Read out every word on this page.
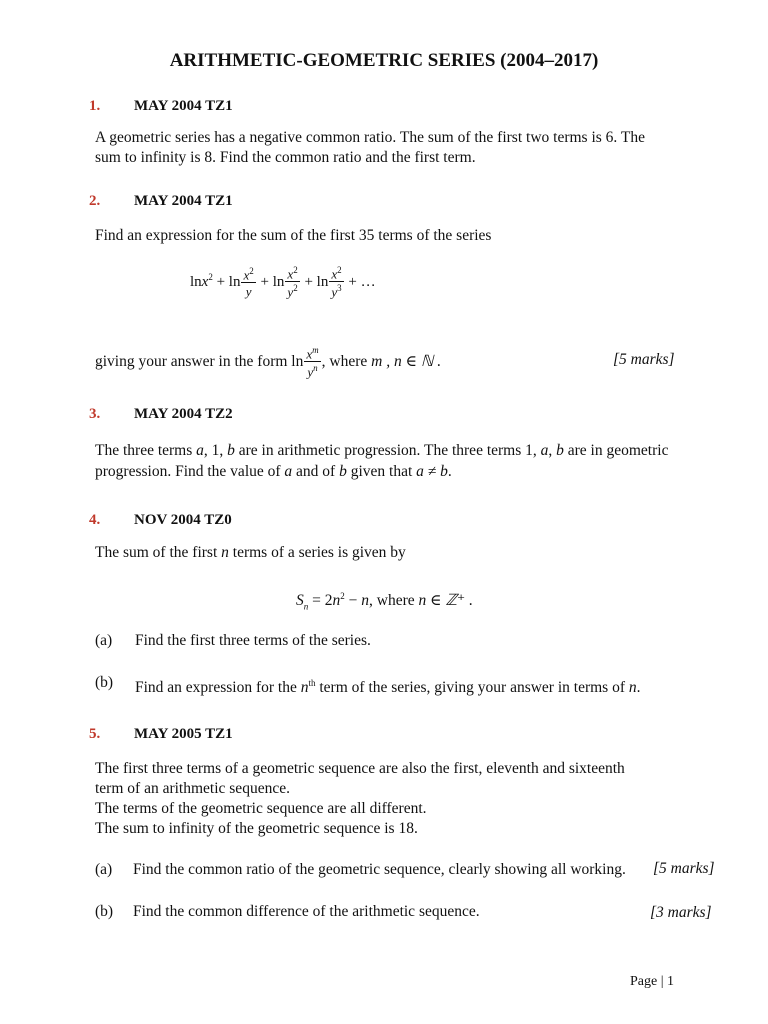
ARITHMETIC-GEOMETRIC SERIES (2004–2017)
1. MAY 2004 TZ1
A geometric series has a negative common ratio. The sum of the first two terms is 6. The
sum to infinity is 8. Find the common ratio and the first term.
2. MAY 2004 TZ1
Find an expression for the sum of the first 35 terms of the series
$\ln x^2 + \ln \frac{x^2}{y} + \ln \frac{x^2}{y^2} + \ln \frac{x^2}{y^3}$ + …
giving your answer in the form $\ln \frac{x^m}{y^n}$ , where m , n ∈ ℕ .	[5 marks]
3. MAY 2004 TZ2
The three terms a, 1, b are in arithmetic progression. The three terms 1, a, b are in geometric
progression. Find the value of a and of b given that a ≠ b.
4. NOV 2004 TZ0
The sum of the first n terms of a series is given by
$S_n = 2n^2 - n$, where n ∈ ℤ⁺ .
(a) Find the first three terms of the series.
(b) Find an expression for the $n^{th}$ term of the series, giving your answer in terms of n.
5. MAY 2005 TZ1
The first three terms of a geometric sequence are also the first, eleventh and sixteenth
term of an arithmetic sequence.
The terms of the geometric sequence are all different.
The sum to infinity of the geometric sequence is 18.
(a) Find the common ratio of the geometric sequence, clearly showing all working. [5 marks]
(b) Find the common difference of the arithmetic sequence.	[3 marks]
Page | 1
